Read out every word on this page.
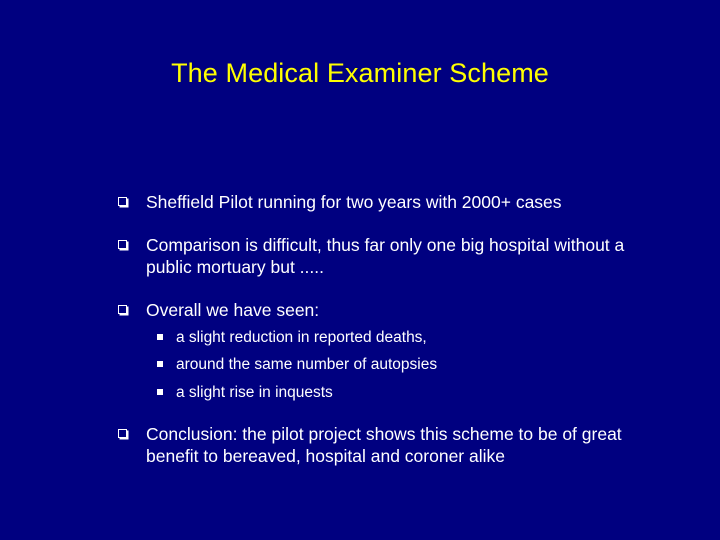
The Medical Examiner Scheme
Sheffield Pilot running for two years with 2000+ cases
Comparison is difficult, thus far only one big hospital without a public mortuary but .....
Overall we have seen:
a slight reduction in reported deaths,
around the same number of autopsies
a slight rise in inquests
Conclusion: the pilot project shows this scheme to be of great benefit to bereaved, hospital and coroner alike
